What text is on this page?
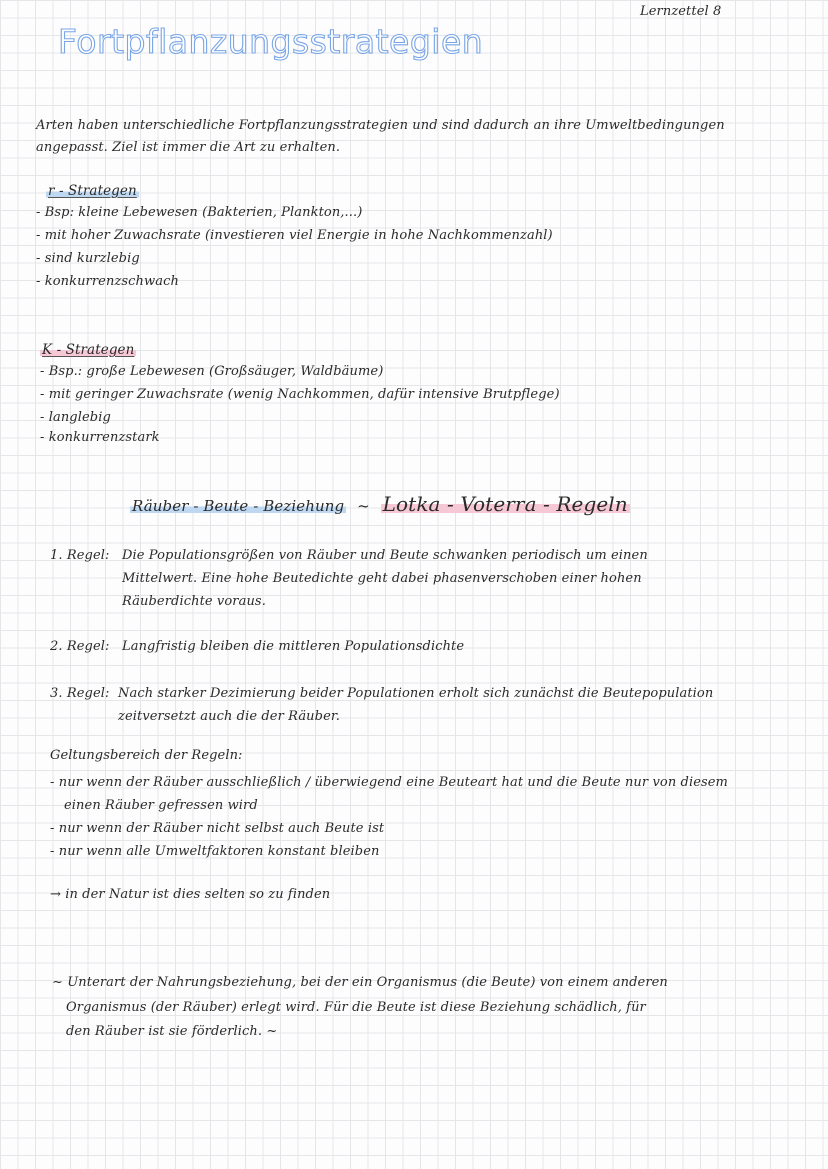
Lernzettel 8
Fortpflanzungsstrategien
Arten haben unterschiedliche Fortpflanzungsstrategien und sind dadurch an ihre Umweltbedingungen
angepasst. Ziel ist immer die Art zu erhalten.
r - Strategen
- Bsp: kleine Lebewesen (Bakterien, Plankton,...)
- mit hoher Zuwachsrate (investieren viel Energie in hohe Nachkommenzahl)
- sind kurzlebig
- konkurrenzschwach
K - Strategen
- Bsp.: große Lebewesen (Großsäuger, Waldbäume)
- mit geringer Zuwachsrate (wenig Nachkommen, dafür intensive Brutpflege)
- langlebig
- konkurrenzstark
Räuber - Beute - Beziehung ~ Lotka - Voterra - Regeln
1. Regel: Die Populationsgrößen von Räuber und Beute schwanken periodisch um einen
Mittelwert. Eine hohe Beutedichte geht dabei phasenverschoben einer hohen
Räuberdichte voraus.
2. Regel: Langfristig bleiben die mittleren Populationsdichte
3. Regel: Nach starker Dezimierung beider Populationen erholt sich zunächst die Beutepopulation
zeitversetzt auch die der Räuber.
Geltungsbereich der Regeln:
- nur wenn der Räuber ausschließlich / überwiegend eine Beuteart hat und die Beute nur von diesem
einen Räuber gefressen wird
- nur wenn der Räuber nicht selbst auch Beute ist
- nur wenn alle Umweltfaktoren konstant bleiben
→ in der Natur ist dies selten so zu finden
~ Unterart der Nahrungsbeziehung, bei der ein Organismus (die Beute) von einem anderen
Organismus (der Räuber) erlegt wird. Für die Beute ist diese Beziehung schädlich, für
den Räuber ist sie förderlich. ~
